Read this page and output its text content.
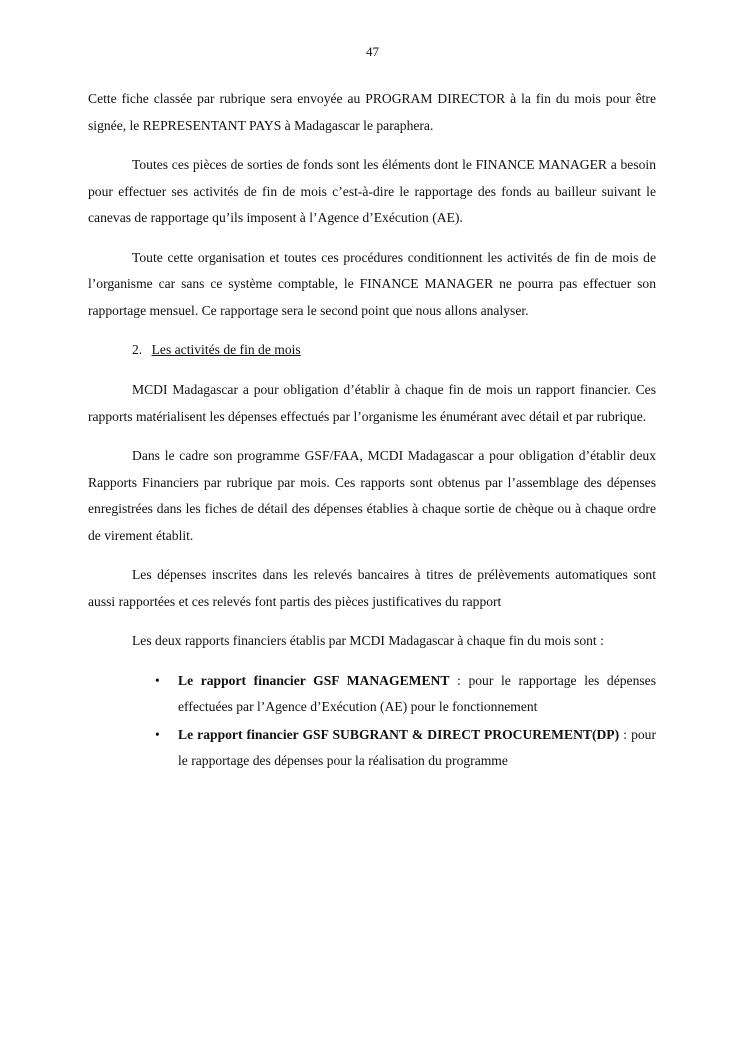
47

Cette fiche classée par rubrique sera envoyée au PROGRAM DIRECTOR à la fin du mois pour être signée, le REPRESENTANT PAYS à Madagascar le paraphera.

Toutes ces pièces de sorties de fonds sont les éléments dont le FINANCE MANAGER a besoin pour effectuer ses activités de fin de mois c’est-à-dire le rapportage des fonds au bailleur suivant le canevas de rapportage qu’ils imposent à l’Agence d’Exécution (AE).

Toute cette organisation et toutes ces procédures conditionnent les activités de fin de mois de l’organisme car sans ce système comptable, le FINANCE MANAGER ne pourra pas effectuer son rapportage mensuel. Ce rapportage sera le second point que nous allons analyser.

2. Les activités de fin de mois

MCDI Madagascar a pour obligation d’établir à chaque fin de mois un rapport financier. Ces rapports matérialisent les dépenses effectués par l’organisme les énumérant avec détail et par rubrique.

Dans le cadre son programme GSF/FAA, MCDI Madagascar a pour obligation d’établir deux Rapports Financiers par rubrique par mois. Ces rapports sont obtenus par l’assemblage des dépenses enregistrées dans les fiches de détail des dépenses établies à chaque sortie de chèque ou à chaque ordre de virement établit.

Les dépenses inscrites dans les relevés bancaires à titres de prélèvements automatiques sont aussi rapportées et ces relevés font partis des pièces justificatives du rapport

Les deux rapports financiers établis par MCDI Madagascar à chaque fin du mois sont :

• Le rapport financier GSF MANAGEMENT : pour le rapportage les dépenses effectuées par l’Agence d’Exécution (AE) pour le fonctionnement
• Le rapport financier GSF SUBGRANT & DIRECT PROCUREMENT(DP) : pour le rapportage des dépenses pour la réalisation du programme
